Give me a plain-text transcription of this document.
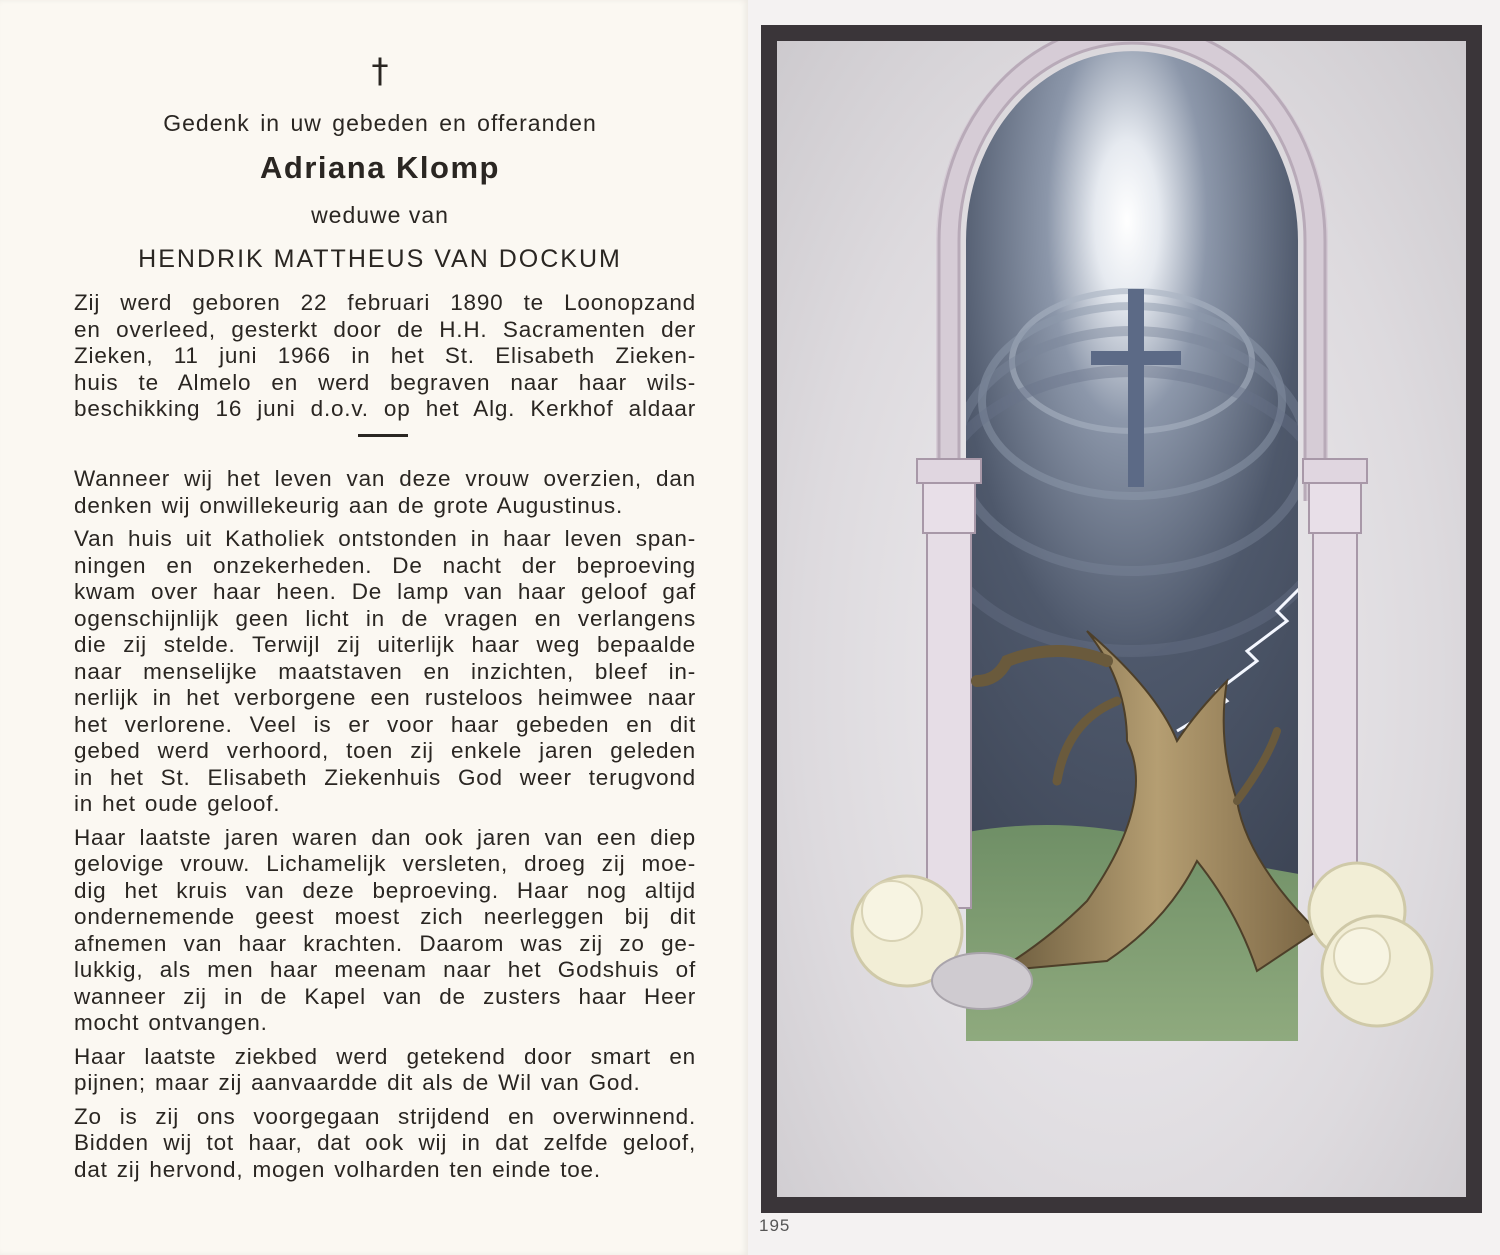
†
Gedenk in uw gebeden en offeranden
Adriana Klomp
weduwe van
HENDRIK MATTHEUS VAN DOCKUM
Zij werd geboren 22 februari 1890 te Loonopzand
en overleed, gesterkt door de H.H. Sacramenten der
Zieken, 11 juni 1966 in het St. Elisabeth Zieken-
huis te Almelo en werd begraven naar haar wils-
beschikking 16 juni d.o.v. op het Alg. Kerkhof aldaar

Wanneer wij het leven van deze vrouw overzien, dan
denken wij onwillekeurig aan de grote Augustinus.

Van huis uit Katholiek ontstonden in haar leven span-
ningen en onzekerheden. De nacht der beproeving
kwam over haar heen. De lamp van haar geloof gaf
ogenschijnlijk geen licht in de vragen en verlangens
die zij stelde. Terwijl zij uiterlijk haar weg bepaalde
naar menselijke maatstaven en inzichten, bleef in-
nerlijk in het verborgene een rusteloos heimwee naar
het verlorene. Veel is er voor haar gebeden en dit
gebed werd verhoord, toen zij enkele jaren geleden
in het St. Elisabeth Ziekenhuis God weer terugvond
in het oude geloof.

Haar laatste jaren waren dan ook jaren van een diep
gelovige vrouw. Lichamelijk versleten, droeg zij moe-
dig het kruis van deze beproeving. Haar nog altijd
ondernemende geest moest zich neerleggen bij dit
afnemen van haar krachten. Daarom was zij zo ge-
lukkig, als men haar meenam naar het Godshuis of
wanneer zij in de Kapel van de zusters haar Heer
mocht ontvangen.

Haar laatste ziekbed werd getekend door smart en
pijnen; maar zij aanvaardde dit als de Wil van God.

Zo is zij ons voorgegaan strijdend en overwinnend.
Bidden wij tot haar, dat ook wij in dat zelfde geloof,
dat zij hervond, mogen volharden ten einde toe.

195
